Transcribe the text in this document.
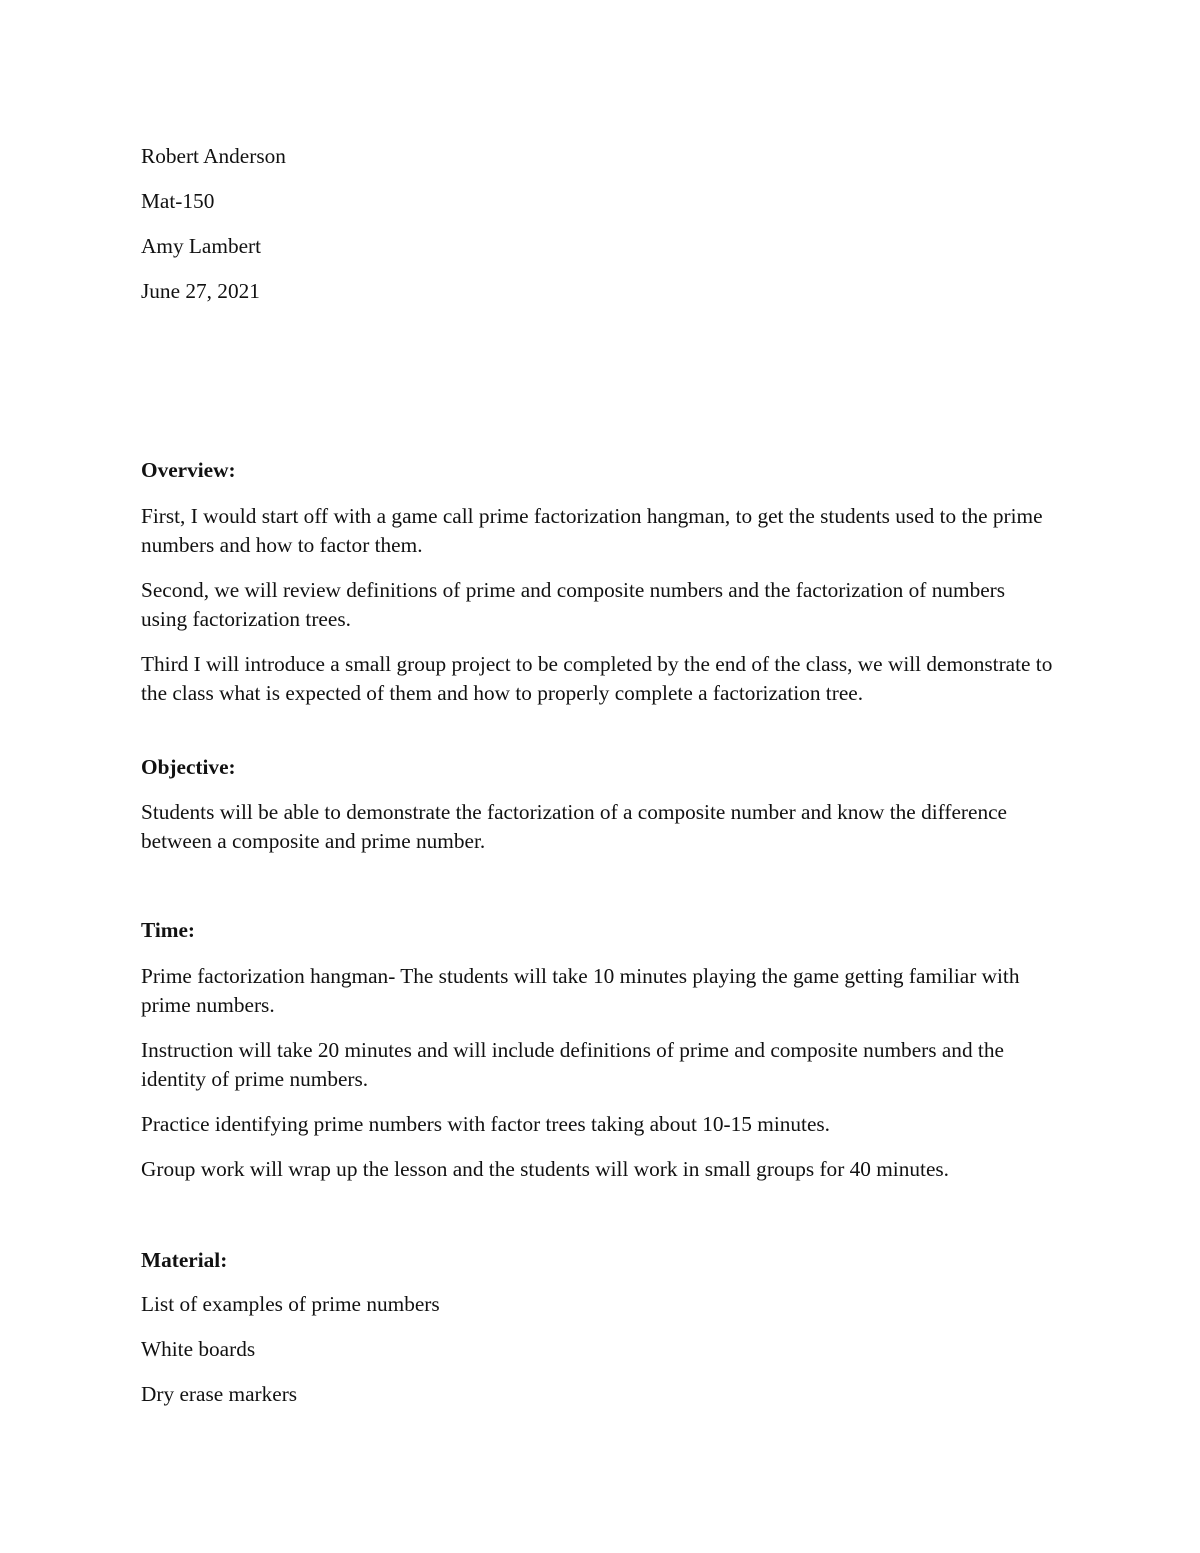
Robert Anderson
Mat-150
Amy Lambert
June 27, 2021
Overview:
First, I would start off with a game call prime factorization hangman, to get the students used to the prime numbers and how to factor them.
Second, we will review definitions of prime and composite numbers and the factorization of numbers using factorization trees.
Third I will introduce a small group project to be completed by the end of the class, we will demonstrate to the class what is expected of them and how to properly complete a factorization tree.
Objective:
Students will be able to demonstrate the factorization of a composite number and know the difference between a composite and prime number.
Time:
Prime factorization hangman- The students will take 10 minutes playing the game getting familiar with prime numbers.
Instruction will take 20 minutes and will include definitions of prime and composite numbers and the identity of prime numbers.
Practice identifying prime numbers with factor trees taking about 10-15 minutes.
Group work will wrap up the lesson and the students will work in small groups for 40 minutes.
Material:
List of examples of prime numbers
White boards
Dry erase markers
